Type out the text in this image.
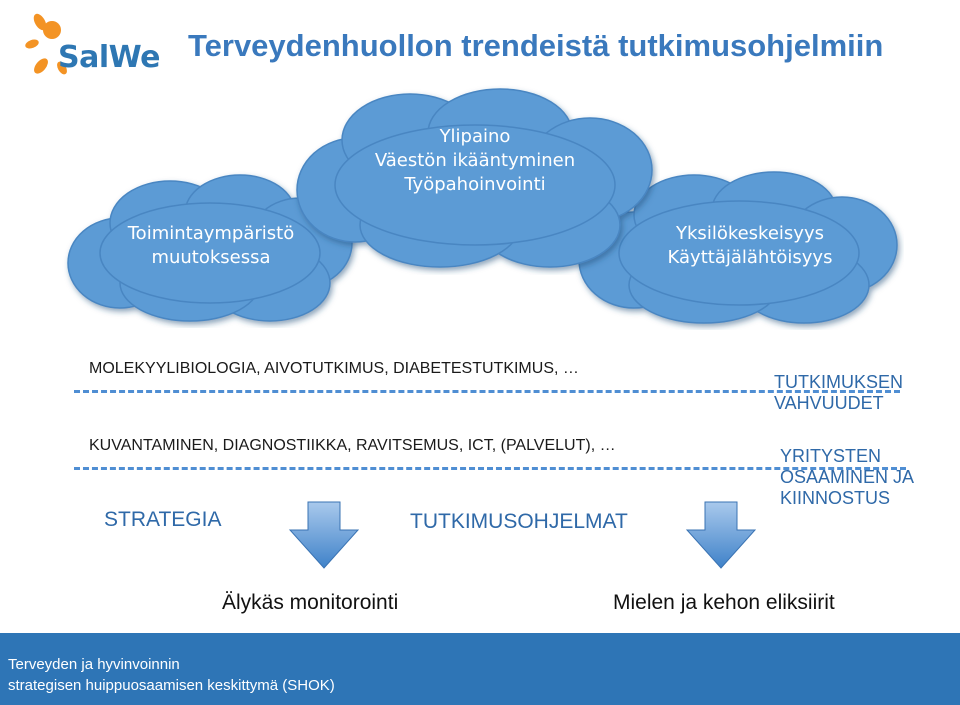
SalWe Terveydenhuollon trendeistä tutkimusohjelmiin
Toimintaympäristö
muutoksessa
Yksilökeskeisyys
Käyttäjälähtöisyys
Ylipaino
Väestön ikääntyminen
Työpahoinvointi
MOLEKYYLIBIOLOGIA, AIVOTUTKIMUS, DIABETESTUTKIMUS, …
KUVANTAMINEN, DIAGNOSTIIKKA, RAVITSEMUS, ICT, (PALVELUT), …
TUTKIMUKSEN
VAHVUUDET
YRITYSTEN
OSAAMINEN JA
KIINNOSTUS
STRATEGIA	TUTKIMUSOHJELMAT
Älykäs monitorointi	Mielen ja kehon eliksiirit
Terveyden ja hyvinvoinnin
strategisen huippuosaamisen keskittymä (SHOK)
